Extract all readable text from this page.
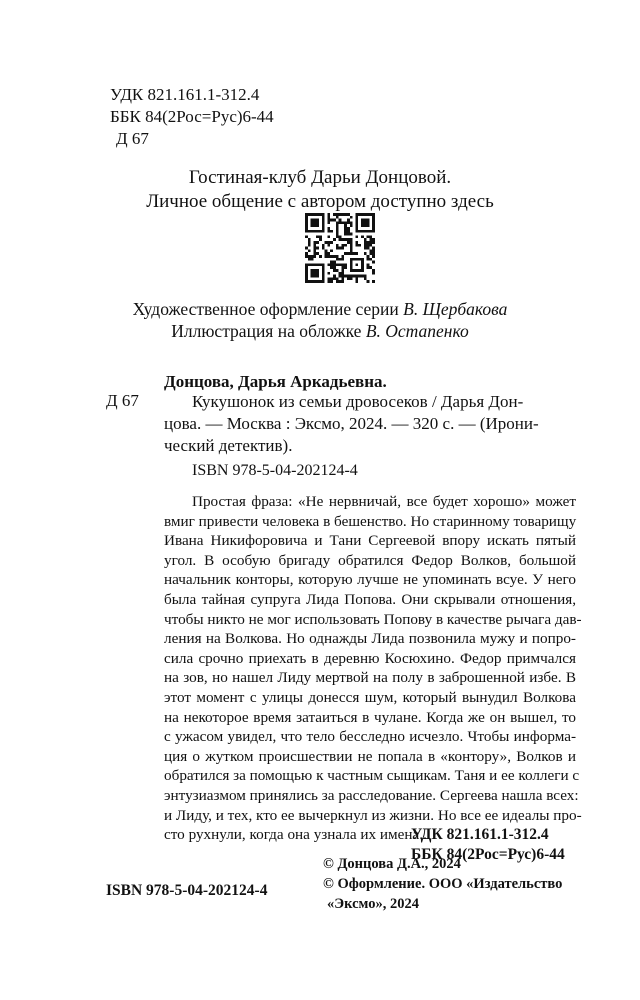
УДК 821.161.1-312.4
ББК 84(2Рос=Рус)6-44
Д 67
Гостиная-клуб Дарьи Донцовой.
Личное общение с автором доступно здесь
Художественное оформление серии В. Щербакова
Иллюстрация на обложке В. Остапенко
Донцова, Дарья Аркадьевна.
Д 67	Кукушонок из семьи дровосеков / Дарья Дон-
цова. — Москва : Эксмо, 2024. — 320 с. — (Ирони-
ческий детектив).
ISBN 978-5-04-202124-4
Простая фраза: «Не нервничай, все будет хорошо» может
вмиг привести человека в бешенство. Но старинному товарищу
Ивана Никифоровича и Тани Сергеевой впору искать пятый
угол. В особую бригаду обратился Федор Волков, большой
начальник конторы, которую лучше не упоминать всуе. У него
была тайная супруга Лида Попова. Они скрывали отношения,
чтобы никто не мог использовать Попову в качестве рычага дав-
ления на Волкова. Но однажды Лида позвонила мужу и попро-
сила срочно приехать в деревню Косюхино. Федор примчался
на зов, но нашел Лиду мертвой на полу в заброшенной избе. В
этот момент с улицы донесся шум, который вынудил Волкова
на некоторое время затаиться в чулане. Когда же он вышел, то
с ужасом увидел, что тело бесследно исчезло. Чтобы информа-
ция о жутком происшествии не попала в «контору», Волков и
обратился за помощью к частным сыщикам. Таня и ее коллеги с
энтузиазмом принялись за расследование. Сергеева нашла всех:
и Лиду, и тех, кто ее вычеркнул из жизни. Но все ее идеалы про-
сто рухнули, когда она узнала их имена...
УДК 821.161.1-312.4
ББК 84(2Рос=Рус)6-44
© Донцова Д.А., 2024
© Оформление. ООО «Издательство
«Эксмо», 2024
ISBN 978-5-04-202124-4
